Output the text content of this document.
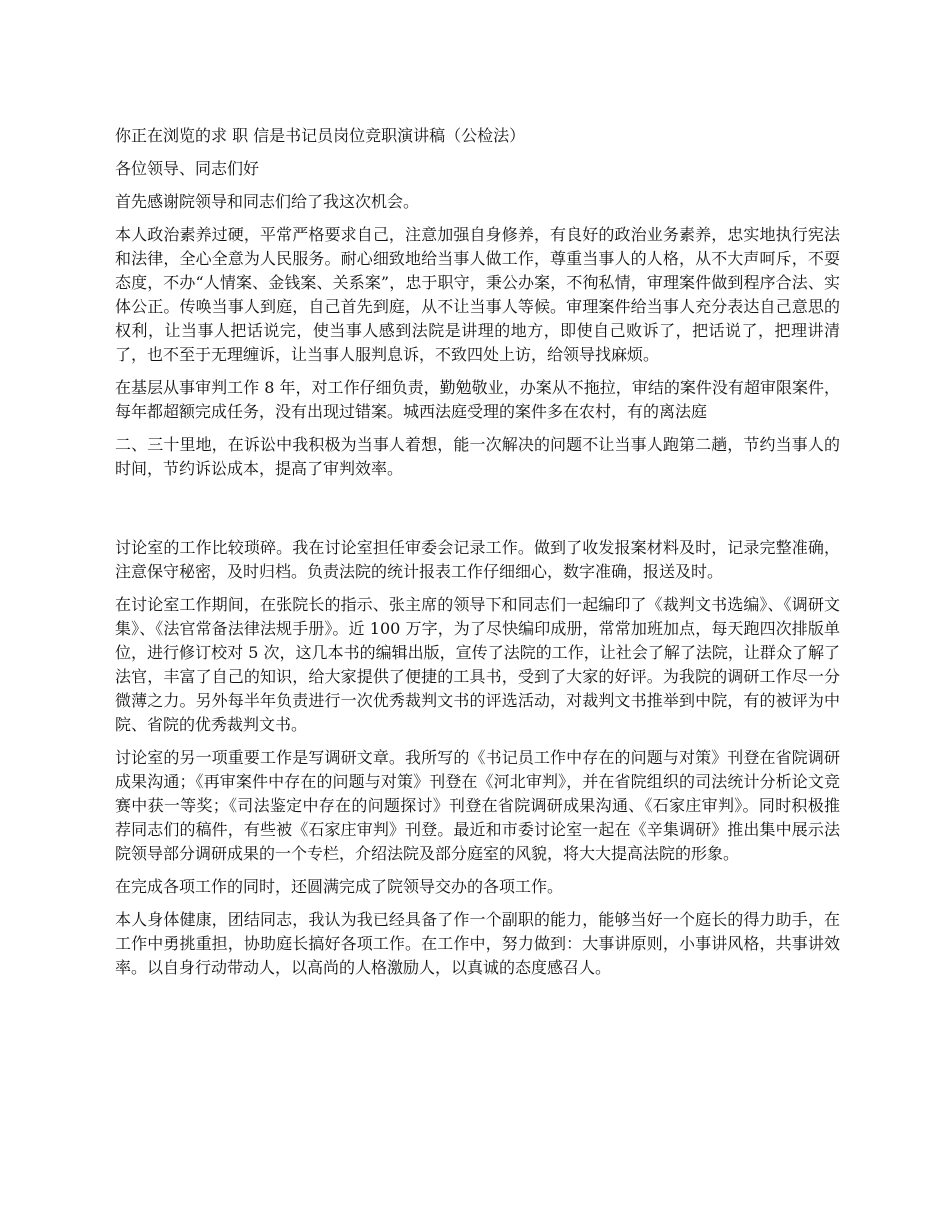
你正在浏览的求 职 信是书记员岗位竞职演讲稿（公检法）

各位领导、同志们好

首先感谢院领导和同志们给了我这次机会。

本人政治素养过硬，平常严格要求自己，注意加强自身修养，有良好的政治业务素养，忠实地执行宪法和法律，全心全意为人民服务。耐心细致地给当事人做工作，尊重当事人的人格，从不大声呵斥，不耍态度，不办“人情案、金钱案、关系案”，忠于职守，秉公办案，不徇私情，审理案件做到程序合法、实体公正。传唤当事人到庭，自己首先到庭，从不让当事人等候。审理案件给当事人充分表达自己意思的权利，让当事人把话说完，使当事人感到法院是讲理的地方，即使自己败诉了，把话说了，把理讲清了，也不至于无理缠诉，让当事人服判息诉，不致四处上访，给领导找麻烦。

在基层从事审判工作 8 年，对工作仔细负责，勤勉敬业，办案从不拖拉，审结的案件没有超审限案件，每年都超额完成任务，没有出现过错案。城西法庭受理的案件多在农村，有的离法庭

二、三十里地，在诉讼中我积极为当事人着想，能一次解决的问题不让当事人跑第二趟，节约当事人的时间，节约诉讼成本，提高了审判效率。

讨论室的工作比较琐碎。我在讨论室担任审委会记录工作。做到了收发报案材料及时，记录完整准确，注意保守秘密，及时归档。负责法院的统计报表工作仔细细心，数字准确，报送及时。

在讨论室工作期间，在张院长的指示、张主席的领导下和同志们一起编印了《裁判文书选编》、《调研文集》、《法官常备法律法规手册》。近 100 万字，为了尽快编印成册，常常加班加点，每天跑四次排版单位，进行修订校对 5 次，这几本书的编辑出版，宣传了法院的工作，让社会了解了法院，让群众了解了法官，丰富了自己的知识，给大家提供了便捷的工具书，受到了大家的好评。为我院的调研工作尽一分微薄之力。另外每半年负责进行一次优秀裁判文书的评选活动，对裁判文书推举到中院，有的被评为中院、省院的优秀裁判文书。

讨论室的另一项重要工作是写调研文章。我所写的《书记员工作中存在的问题与对策》刊登在省院调研成果沟通；《再审案件中存在的问题与对策》刊登在《河北审判》，并在省院组织的司法统计分析论文竞赛中获一等奖；《司法鉴定中存在的问题探讨》刊登在省院调研成果沟通、《石家庄审判》。同时积极推荐同志们的稿件，有些被《石家庄审判》刊登。最近和市委讨论室一起在《辛集调研》推出集中展示法院领导部分调研成果的一个专栏，介绍法院及部分庭室的风貌，将大大提高法院的形象。

在完成各项工作的同时，还圆满完成了院领导交办的各项工作。

本人身体健康，团结同志，我认为我已经具备了作一个副职的能力，能够当好一个庭长的得力助手，在工作中勇挑重担，协助庭长搞好各项工作。在工作中，努力做到：大事讲原则，小事讲风格，共事讲效率。以自身行动带动人，以高尚的人格激励人，以真诚的态度感召人。
